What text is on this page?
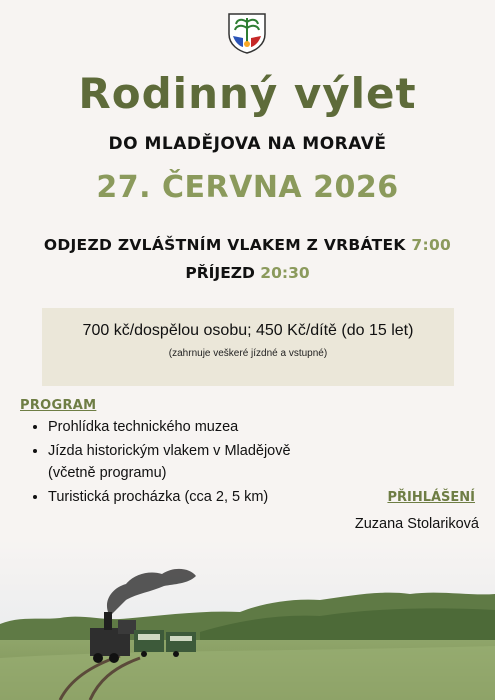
Rodinný výlet
DO MLADĚJOVA NA MORAVĚ
27. ČERVNA 2026
ODJEZD ZVLÁŠTNÍM VLAKEM Z VRBÁTEK 7:00
PŘÍJEZD 20:30
700 kč/dospělou osobu; 450 Kč/dítě (do 15 let)
(zahrnuje veškeré jízdné a vstupné)
PROGRAM
• Prohlídka technického muzea
• Jízda historickým vlakem v Mladějově
(včetně programu)
• Turistická procházka (cca 2, 5 km)	PŘIHLÁŠENÍ
Zuzana Stolariková
